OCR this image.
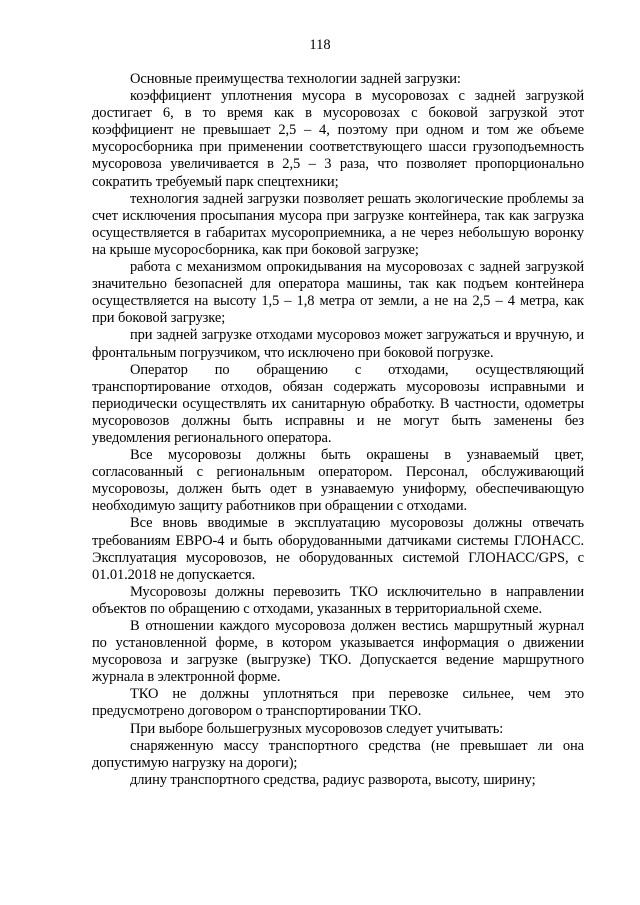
118

Основные преимущества технологии задней загрузки:

коэффициент уплотнения мусора в мусоровозах с задней загрузкой достигает 6, в то время как в мусоровозах с боковой загрузкой этот коэффициент не превышает 2,5 – 4, поэтому при одном и том же объеме мусоросборника при применении соответствующего шасси грузоподъемность мусоровоза увеличивается в 2,5 – 3 раза, что позволяет пропорционально сократить требуемый парк спецтехники;

технология задней загрузки позволяет решать экологические проблемы за счет исключения просыпания мусора при загрузке контейнера, так как загрузка осуществляется в габаритах мусороприемника, а не через небольшую воронку на крыше мусоросборника, как при боковой загрузке;

работа с механизмом опрокидывания на мусоровозах с задней загрузкой значительно безопасней для оператора машины, так как подъем контейнера осуществляется на высоту 1,5 – 1,8 метра от земли, а не на 2,5 – 4 метра, как при боковой загрузке;

при задней загрузке отходами мусоровоз может загружаться и вручную, и фронтальным погрузчиком, что исключено при боковой погрузке.

Оператор по обращению с отходами, осуществляющий транспортирование отходов, обязан содержать мусоровозы исправными и периодически осуществлять их санитарную обработку. В частности, одометры мусоровозов должны быть исправны и не могут быть заменены без уведомления регионального оператора.

Все мусоровозы должны быть окрашены в узнаваемый цвет, согласованный с региональным оператором. Персонал, обслуживающий мусоровозы, должен быть одет в узнаваемую униформу, обеспечивающую необходимую защиту работников при обращении с отходами.

Все вновь вводимые в эксплуатацию мусоровозы должны отвечать требованиям ЕВРО-4 и быть оборудованными датчиками системы ГЛОНАСС. Эксплуатация мусоровозов, не оборудованных системой ГЛОНАСС/GPS, с 01.01.2018 не допускается.

Мусоровозы должны перевозить ТКО исключительно в направлении объектов по обращению с отходами, указанных в территориальной схеме.

В отношении каждого мусоровоза должен вестись маршрутный журнал по установленной форме, в котором указывается информация о движении мусоровоза и загрузке (выгрузке) ТКО. Допускается ведение маршрутного журнала в электронной форме.

ТКО не должны уплотняться при перевозке сильнее, чем это предусмотрено договором о транспортировании ТКО.

При выборе большегрузных мусоровозов следует учитывать:

снаряженную массу транспортного средства (не превышает ли она допустимую нагрузку на дороги);

длину транспортного средства, радиус разворота, высоту, ширину;
